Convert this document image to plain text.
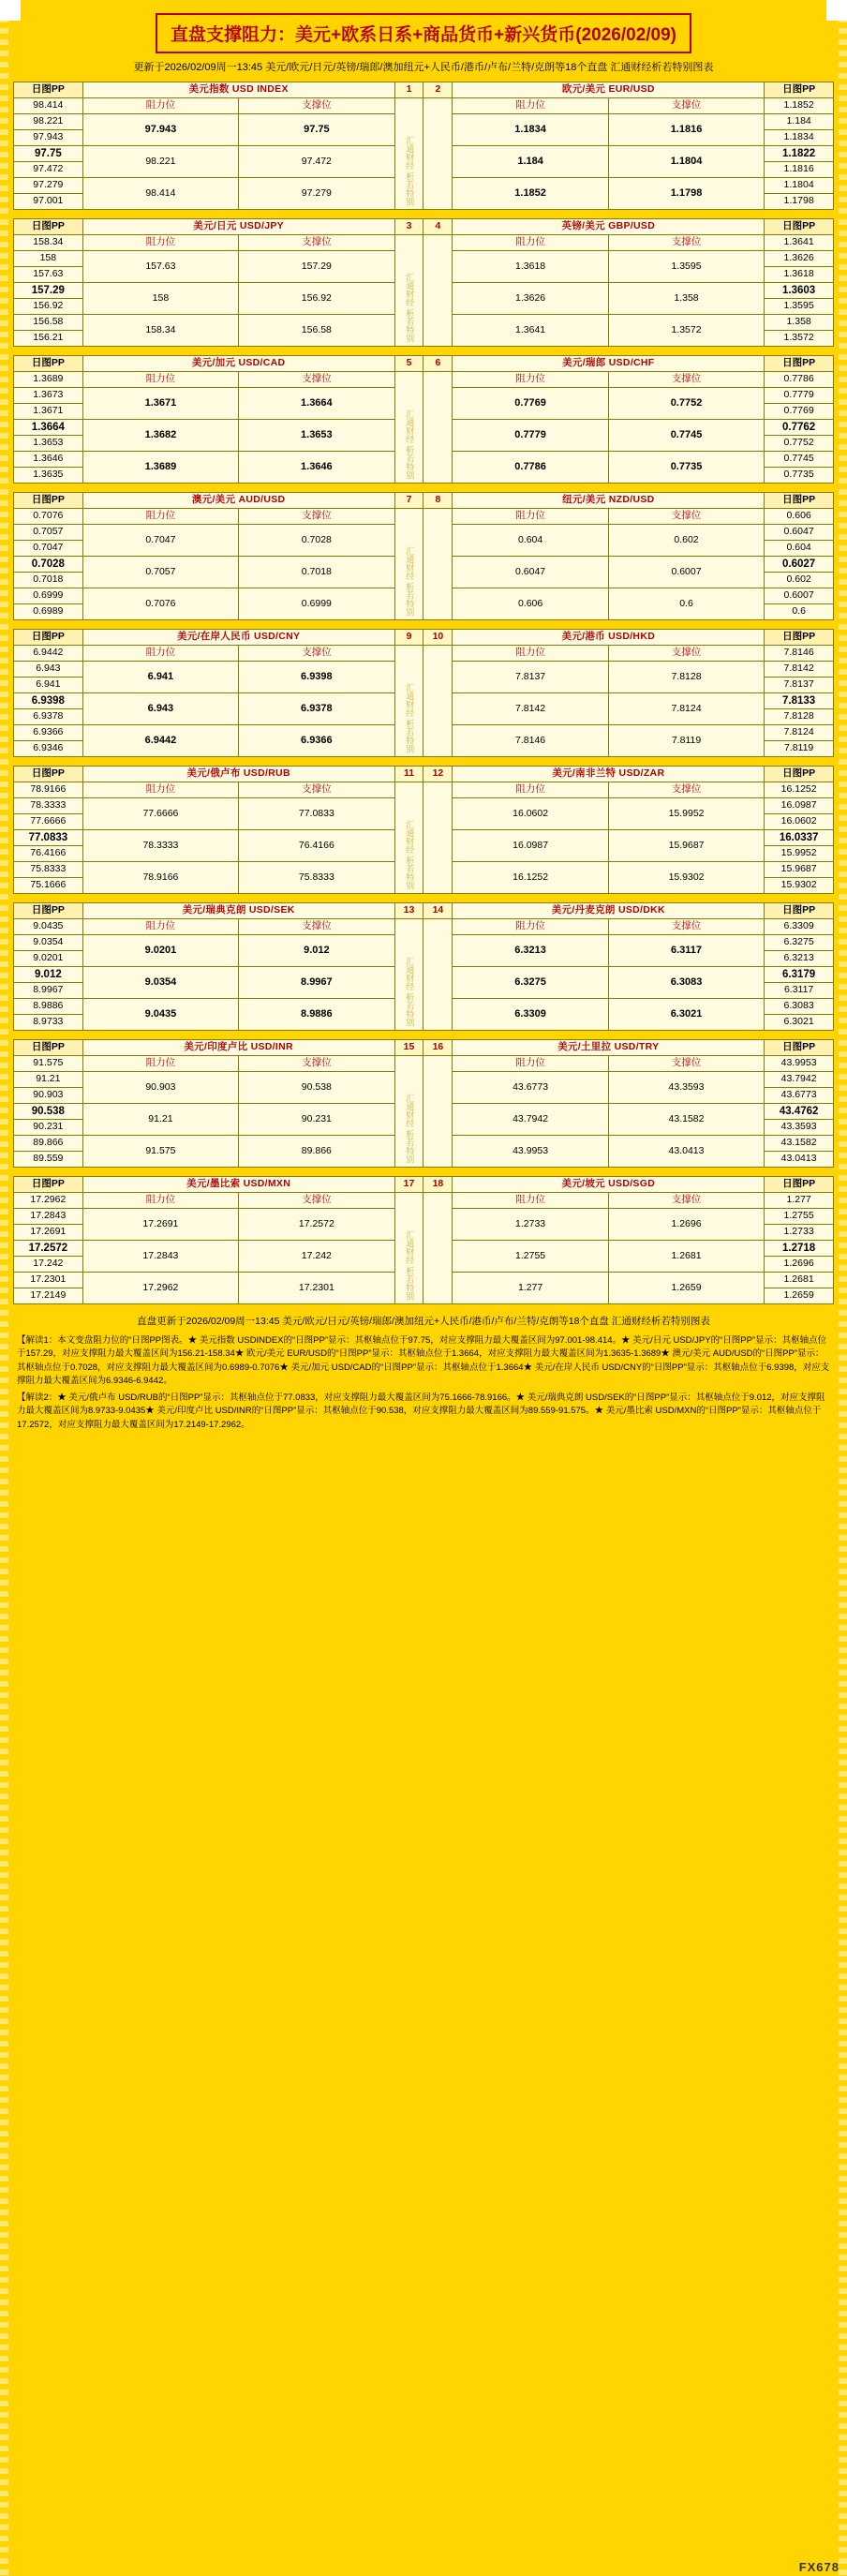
直盘支撑阻力：美元+欧系日系+商品货币+新兴货币(2026/02/09)
更新于2026/02/09周一13:45 美元/欧元/日元/英镑/瑞郎/澳加纽元+人民币/港币/卢布/兰特/克朗等18个直盘 汇通财经析若特别图表
日图PP	美元指数 USD INDEX		1	2	欧元/美元 EUR/USD		日图PP
98.414	阻力位	支撑位	汇通财经 析若特别		阻力位	支撑位	1.1852
98.221	97.943	97.75			1.1834	1.1816	1.184
97.943							1.1834
97.75	98.221	97.472			1.184	1.1804	1.1822
97.472							1.1816
97.279	98.414	97.279			1.1852	1.1798	1.1804
97.001							1.1798
日图PP	美元/日元 USD/JPY		3	4	英镑/美元 GBP/USD		日图PP
158.34	阻力位	支撑位	汇通财经 析若特别		阻力位	支撑位	1.3641
158	157.63	157.29			1.3618	1.3595	1.3626
157.63							1.3618
157.29	158	156.92			1.3626	1.358	1.3603
156.92							1.3595
156.58	158.34	156.58			1.3641	1.3572	1.358
156.21							1.3572
日图PP	美元/加元 USD/CAD		5	6	美元/瑞郎 USD/CHF		日图PP
1.3689	阻力位	支撑位	汇通财经 析若特别		阻力位	支撑位	0.7786
1.3673	1.3671	1.3664			0.7769	0.7752	0.7779
1.3671							0.7769
1.3664	1.3682	1.3653			0.7779	0.7745	0.7762
1.3653							0.7752
1.3646	1.3689	1.3646			0.7786	0.7735	0.7745
1.3635							0.7735
日图PP	澳元/美元 AUD/USD		7	8	纽元/美元 NZD/USD		日图PP
0.7076	阻力位	支撑位	汇通财经 析若特别		阻力位	支撑位	0.606
0.7057	0.7047	0.7028			0.604	0.602	0.6047
0.7047							0.604
0.7028	0.7057	0.7018			0.6047	0.6007	0.6027
0.7018							0.602
0.6999	0.7076	0.6999			0.606	0.6	0.6007
0.6989							0.6
日图PP	美元/在岸人民币 USD/CNY		9	10	美元/港币 USD/HKD		日图PP
6.9442	阻力位	支撑位	汇通财经 析若特别		阻力位	支撑位	7.8146
6.943	6.941	6.9398			7.8137	7.8128	7.8142
6.941							7.8137
6.9398	6.943	6.9378			7.8142	7.8124	7.8133
6.9378							7.8128
6.9366	6.9442	6.9366			7.8146	7.8119	7.8124
6.9346							7.8119
日图PP	美元/俄卢布 USD/RUB		11	12	美元/南非兰特 USD/ZAR		日图PP
78.9166	阻力位	支撑位	汇通财经 析若特别		阻力位	支撑位	16.1252
78.3333	77.6666	77.0833			16.0602	15.9952	16.0987
77.6666							16.0602
77.0833	78.3333	76.4166			16.0987	15.9687	16.0337
76.4166							15.9952
75.8333	78.9166	75.8333			16.1252	15.9302	15.9687
75.1666							15.9302
日图PP	美元/瑞典克朗 USD/SEK		13	14	美元/丹麦克朗 USD/DKK		日图PP
9.0435	阻力位	支撑位	汇通财经 析若特别		阻力位	支撑位	6.3309
9.0354	9.0201	9.012			6.3213	6.3117	6.3275
9.0201							6.3213
9.012	9.0354	8.9967			6.3275	6.3083	6.3179
8.9967							6.3117
8.9886	9.0435	8.9886			6.3309	6.3021	6.3083
8.9733							6.3021
日图PP	美元/印度卢比 USD/INR		15	16	美元/土里拉 USD/TRY		日图PP
91.575	阻力位	支撑位	汇通财经 析若特别		阻力位	支撑位	43.9953
91.21	90.903	90.538			43.6773	43.3593	43.7942
90.903							43.6773
90.538	91.21	90.231			43.7942	43.1582	43.4762
90.231							43.3593
89.866	91.575	89.866			43.9953	43.0413	43.1582
89.559							43.0413
日图PP	美元/墨比索 USD/MXN		17	18	美元/坡元 USD/SGD		日图PP
17.2962	阻力位	支撑位	汇通财经 析若特别		阻力位	支撑位	1.277
17.2843	17.2691	17.2572			1.2733	1.2696	1.2755
17.2691							1.2733
17.2572	17.2843	17.242			1.2755	1.2681	1.2718
17.242							1.2696
17.2301	17.2962	17.2301			1.277	1.2659	1.2681
17.2149							1.2659
直盘更新于2026/02/09周一13:45 美元/欧元/日元/英镑/瑞郎/澳加纽元+人民币/港币/卢布/兰特/克朗等18个直盘 汇通财经析若特别图表

【解读1：本文变盘阻力位的“日图PP图表。★ 美元指数 USDINDEX的“日图PP”显示：其枢轴点位于97.75，对应支撑阻力最大覆盖区间为97.001-98.414。★ 美元/日元 USD/JPY的“日图PP”显示：其枢轴点位于157.29，对应支撑阻力最大覆盖区间为156.21-158.34★ 欧元/美元 EUR/USD的“日图PP”显示：其枢轴点位于1.3664，对应支撑阻力最大覆盖区间为1.3635-1.3689★ 澳元/美元 AUD/USD的“日图PP”显示：其枢轴点位于0.7028，对应支撑阻力最大覆盖区间为0.6989-0.7076★ 美元/加元 USD/CAD的“日图PP”显示：其枢轴点位于1.3664★ 美元/在岸人民币 USD/CNY的“日图PP”显示：其枢轴点位于6.9398，对应支撑阻力最大覆盖区间为6.9346-6.9442。

【解读2：★ 美元/俄卢布 USD/RUB的“日图PP”显示：其枢轴点位于77.0833，对应支撑阻力最大覆盖区间为75.1666-78.9166。★ 美元/瑞典克朗 USD/SEK的“日图PP”显示：其枢轴点位于9.012，对应支撑阻力最大覆盖区间为8.9733-9.0435★ 美元/印度卢比 USD/INR的“日图PP”显示：其枢轴点位于90.538，对应支撑阻力最大覆盖区间为89.559-91.575。★ 美元/墨比索 USD/MXN的“日图PP”显示：其枢轴点位于17.2572，对应支撑阻力最大覆盖区间为17.2149-17.2962。

FX678
